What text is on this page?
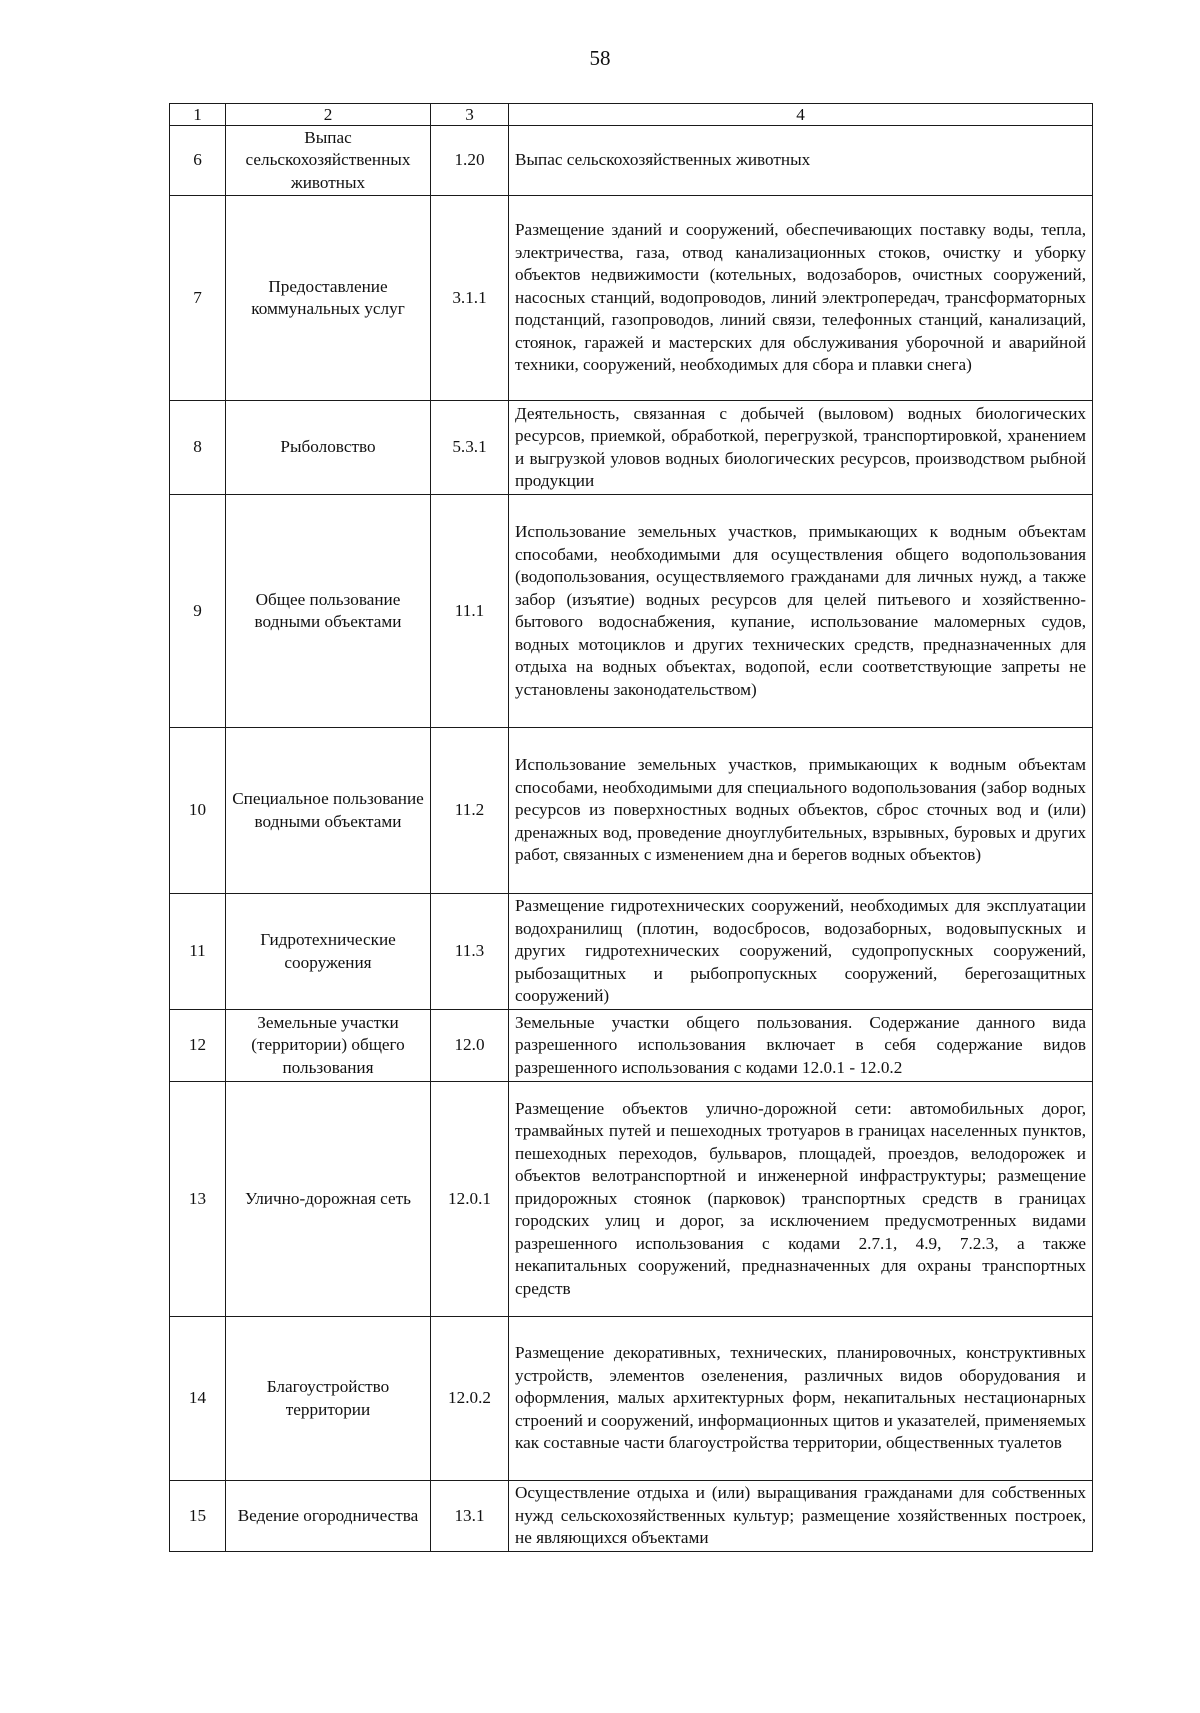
58
1	2	3	4
6	Выпас сельскохозяйственных животных	1.20	Выпас сельскохозяйственных животных
7	Предоставление коммунальных услуг	3.1.1	Размещение зданий и сооружений, обеспечивающих поставку воды, тепла, электричества, газа, отвод канализационных стоков, очистку и уборку объектов недвижимости (котельных, водозаборов, очистных сооружений, насосных станций, водопроводов, линий электропередач, трансформаторных подстанций, газопроводов, линий связи, телефонных станций, канализаций, стоянок, гаражей и мастерских для обслуживания уборочной и аварийной техники, сооружений, необходимых для сбора и плавки снега)
8	Рыболовство	5.3.1	Деятельность, связанная с добычей (выловом) водных биологических ресурсов, приемкой, обработкой, перегрузкой, транспортировкой, хранением и выгрузкой уловов водных биологических ресурсов, производством рыбной продукции
9	Общее пользование водными объектами	11.1	Использование земельных участков, примыкающих к водным объектам способами, необходимыми для осуществления общего водопользования (водопользования, осуществляемого гражданами для личных нужд, а также забор (изъятие) водных ресурсов для целей питьевого и хозяйственно-бытового водоснабжения, купание, использование маломерных судов, водных мотоциклов и других технических средств, предназначенных для отдыха на водных объектах, водопой, если соответствующие запреты не установлены законодательством)
10	Специальное пользование водными объектами	11.2	Использование земельных участков, примыкающих к водным объектам способами, необходимыми для специального водопользования (забор водных ресурсов из поверхностных водных объектов, сброс сточных вод и (или) дренажных вод, проведение дноуглубительных, взрывных, буровых и других работ, связанных с изменением дна и берегов водных объектов)
11	Гидротехнические сооружения	11.3	Размещение гидротехнических сооружений, необходимых для эксплуатации водохранилищ (плотин, водосбросов, водозаборных, водовыпускных и других гидротехнических сооружений, судопропускных сооружений, рыбозащитных и рыбопропускных сооружений, берегозащитных сооружений)
12	Земельные участки (территории) общего пользования	12.0	Земельные участки общего пользования. Содержание данного вида разрешенного использования включает в себя содержание видов разрешенного использования с кодами 12.0.1 - 12.0.2
13	Улично-дорожная сеть	12.0.1	Размещение объектов улично-дорожной сети: автомобильных дорог, трамвайных путей и пешеходных тротуаров в границах населенных пунктов, пешеходных переходов, бульваров, площадей, проездов, велодорожек и объектов велотранспортной и инженерной инфраструктуры; размещение придорожных стоянок (парковок) транспортных средств в границах городских улиц и дорог, за исключением предусмотренных видами разрешенного использования с кодами 2.7.1, 4.9, 7.2.3, а также некапитальных сооружений, предназначенных для охраны транспортных средств
14	Благоустройство территории	12.0.2	Размещение декоративных, технических, планировочных, конструктивных устройств, элементов озеленения, различных видов оборудования и оформления, малых архитектурных форм, некапитальных нестационарных строений и сооружений, информационных щитов и указателей, применяемых как составные части благоустройства территории, общественных туалетов
15	Ведение огородничества	13.1	Осуществление отдыха и (или) выращивания гражданами для собственных нужд сельскохозяйственных культур; размещение хозяйственных построек, не являющихся объектами
